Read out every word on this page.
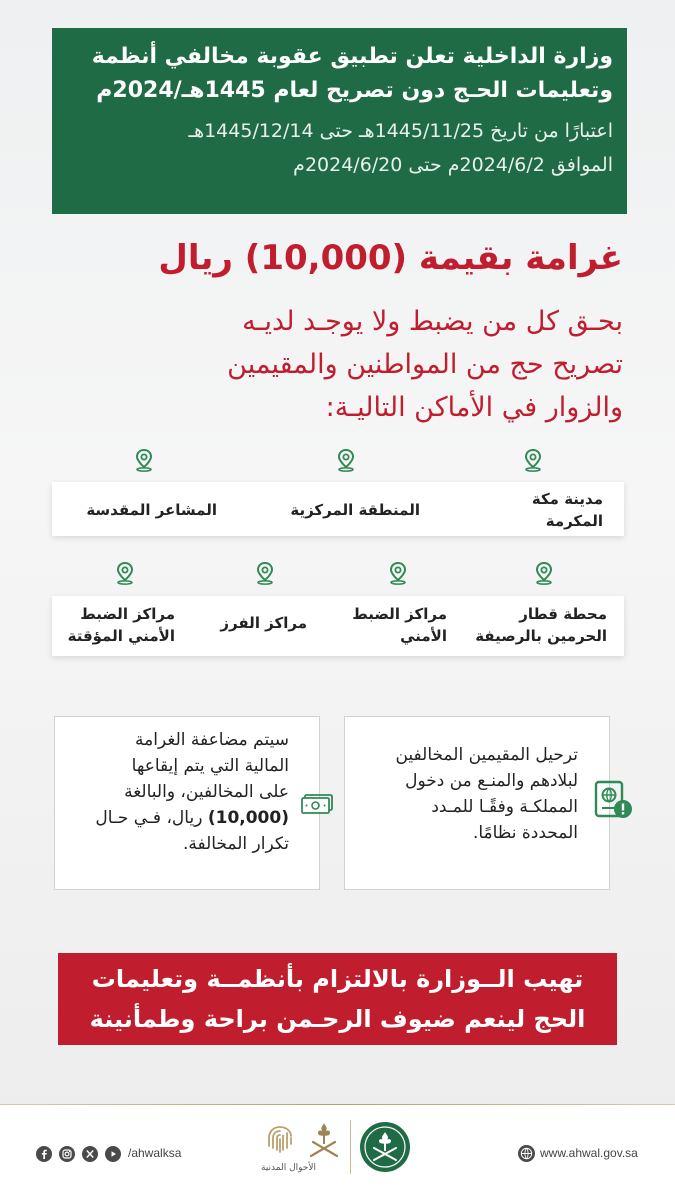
وزارة الداخلية تعلن تطبيق عقوبة مخالفي أنظمة
وتعليمات الحـج دون تصريح لعام 1445هـ/2024م
اعتبارًا من تاريخ 1445/11/25هـ حتى 1445/12/14هـ
الموافق 2024/6/2م حتى 2024/6/20م
غرامة بقيمة (10,000) ريال
بحـق كل من يضبط ولا يوجـد لديـه
تصريح حج من المواطنين والمقيمين
والزوار في الأماكن التاليـة:
مدينة مكة
المكرمة
المنطقة المركزية
المشاعر المقدسة
محطة قطار
الحرمين بالرصيفة
مراكز الضبط
الأمني
مراكز الفرز
مراكز الضبط
الأمني المؤقتة
ترحيل المقيمين المخالفين
لبلادهم والمنـع من دخول
المملكـة وفقًـا للمـدد
المحددة نظامًا.
سيتم مضاعفة الغرامة
المالية التي يتم إيقاعها
على المخالفين، والبالغة
(10,000) ريال، فـي حـال
تكرار المخالفة.
تهيب الــوزارة بالالتزام بأنظمــة وتعليمات
الحج لينعم ضيوف الرحـمن براحة وطمأنينة
/ahwalksa
الأحوال المدنية
www.ahwal.gov.sa
